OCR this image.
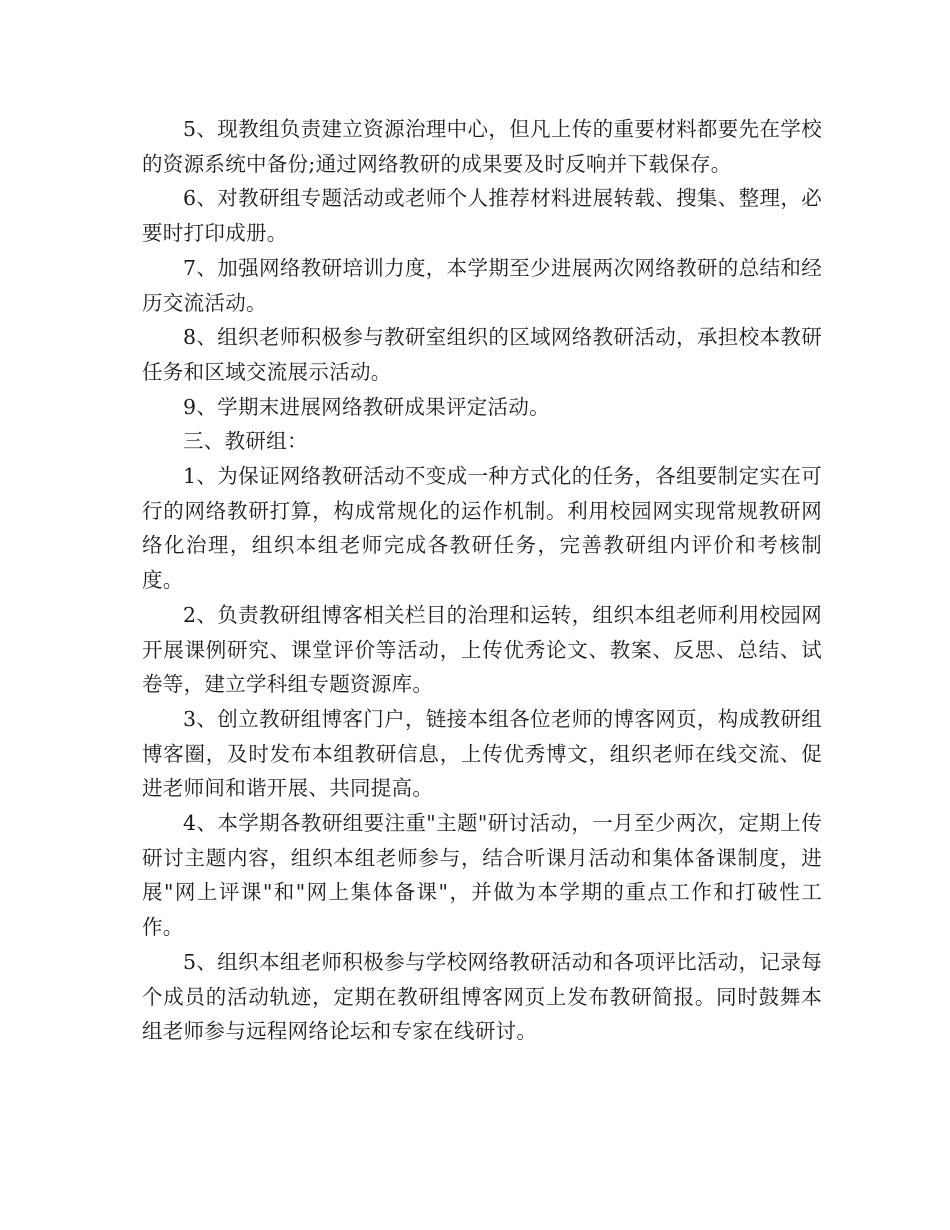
5、现教组负责建立资源治理中心，但凡上传的重要材料都要先在学校的资源系统中备份;通过网络教研的成果要及时反响并下载保存。

6、对教研组专题活动或老师个人推荐材料进展转载、搜集、整理，必要时打印成册。

7、加强网络教研培训力度，本学期至少进展两次网络教研的总结和经历交流活动。

8、组织老师积极参与教研室组织的区域网络教研活动，承担校本教研任务和区域交流展示活动。

9、学期末进展网络教研成果评定活动。

三、教研组：

1、为保证网络教研活动不变成一种方式化的任务，各组要制定实在可行的网络教研打算，构成常规化的运作机制。利用校园网实现常规教研网络化治理，组织本组老师完成各教研任务，完善教研组内评价和考核制度。

2、负责教研组博客相关栏目的治理和运转，组织本组老师利用校园网开展课例研究、课堂评价等活动，上传优秀论文、教案、反思、总结、试卷等，建立学科组专题资源库。

3、创立教研组博客门户，链接本组各位老师的博客网页，构成教研组博客圈，及时发布本组教研信息，上传优秀博文，组织老师在线交流、促进老师间和谐开展、共同提高。

4、本学期各教研组要注重"主题"研讨活动，一月至少两次，定期上传研讨主题内容，组织本组老师参与，结合听课月活动和集体备课制度，进展"网上评课"和"网上集体备课"，并做为本学期的重点工作和打破性工作。

5、组织本组老师积极参与学校网络教研活动和各项评比活动，记录每个成员的活动轨迹，定期在教研组博客网页上发布教研简报。同时鼓舞本组老师参与远程网络论坛和专家在线研讨。
